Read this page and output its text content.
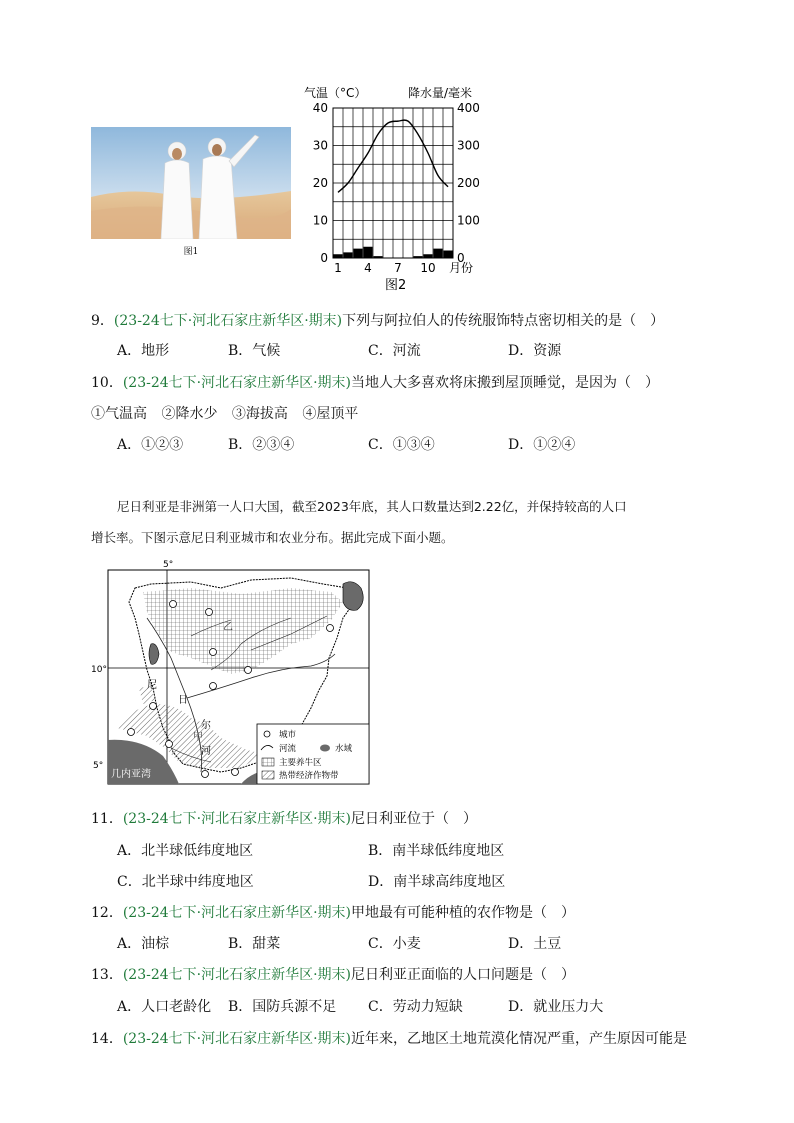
图1
气温（°C）	降水量/毫米
0
10
20
30
40
0
100
200
300
400
1 4 7 10 月份
图2
9．(23-24七下·河北石家庄新华区·期末)下列与阿拉伯人的传统服饰特点密切相关的是（　）
A．地形	B．气候	C．河流	D．资源
10．(23-24七下·河北石家庄新华区·期末)当地人大多喜欢将床搬到屋顶睡觉，是因为（　）
①气温高 ②降水少 ③海拔高 ④屋顶平
A．①②③	B．②③④	C．①③④	D．①②④
尼日利亚是非洲第一人口大国，截至2023年底，其人口数量达到2.22亿，并保持较高的人口
增长率。下图示意尼日利亚城市和农业分布。据此完成下面小题。
5°
10°
5°
几内亚湾
尼
日
尔
河
甲
乙
城市
河流	水域
主要养牛区
热带经济作物带
11．(23-24七下·河北石家庄新华区·期末)尼日利亚位于（　）
A．北半球低纬度地区	B．南半球低纬度地区
C．北半球中纬度地区	D．南半球高纬度地区
12．(23-24七下·河北石家庄新华区·期末)甲地最有可能种植的农作物是（　）
A．油棕	B．甜菜	C．小麦	D．土豆
13．(23-24七下·河北石家庄新华区·期末)尼日利亚正面临的人口问题是（　）
A．人口老龄化 B．国防兵源不足 C．劳动力短缺	D．就业压力大
14．(23-24七下·河北石家庄新华区·期末)近年来，乙地区土地荒漠化情况严重，产生原因可能是
